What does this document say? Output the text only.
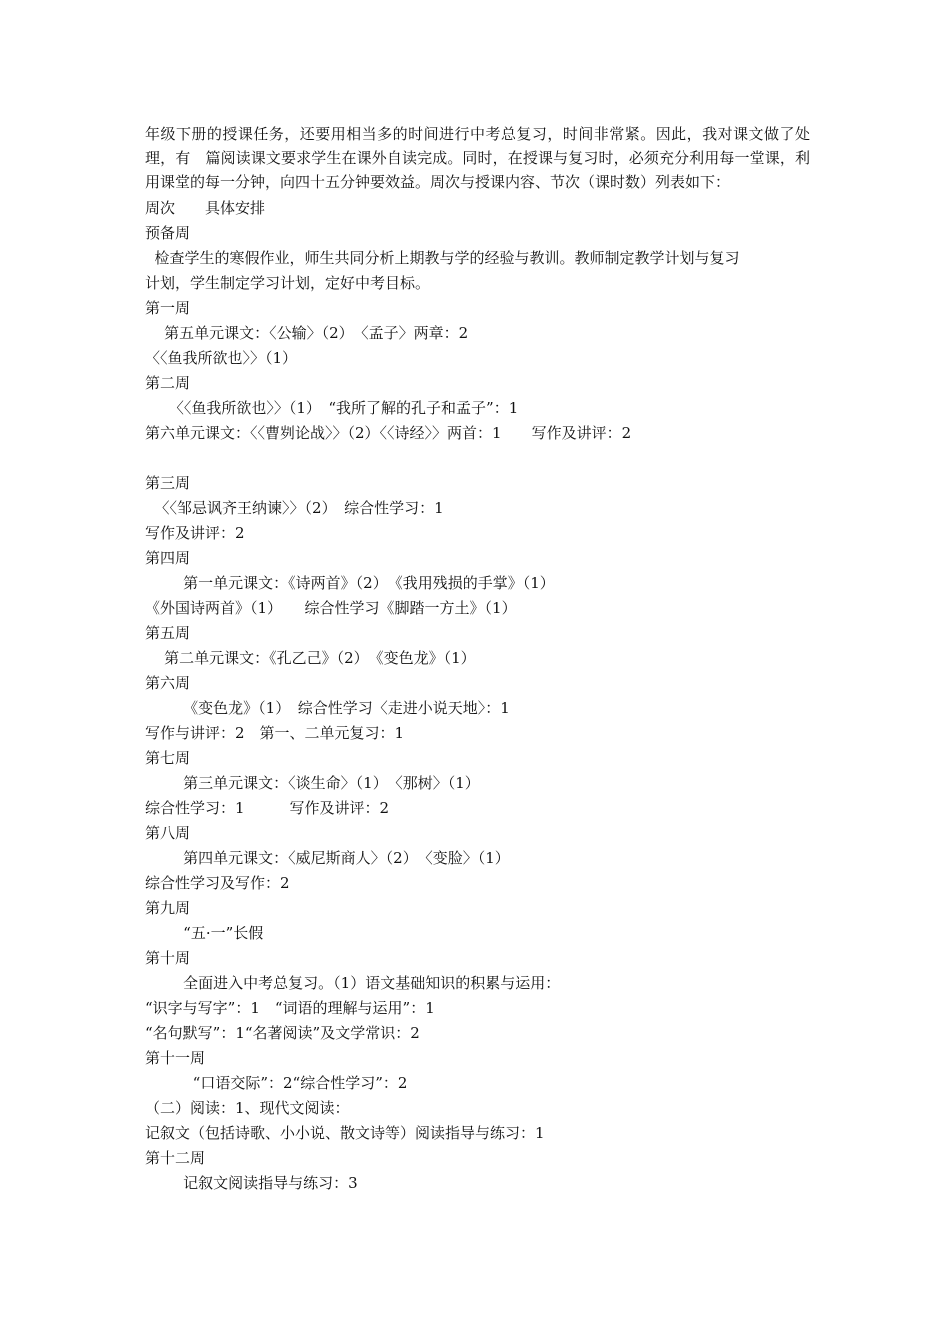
年级下册的授课任务，还要用相当多的时间进行中考总复习，时间非常紧。因此，我对课文做了处理，有　篇阅读课文要求学生在课外自读完成。同时，在授课与复习时，必须充分利用每一堂课，利用课堂的每一分钟，向四十五分钟要效益。周次与授课内容、节次（课时数）列表如下：

周次　　具体安排
预备周
检查学生的寒假作业，师生共同分析上期教与学的经验与教训。教师制定教学计划与复习
计划，学生制定学习计划，定好中考目标。
第一周
第五单元课文：〈公输〉（2）　〈孟子〉两章：2
〈〈鱼我所欲也〉〉（1）
第二周
〈〈鱼我所欲也〉〉（1）　“我所了解的孔子和孟子”：1
第六单元课文：〈〈曹刿论战〉〉（2）〈〈诗经〉〉两首：1　　写作及讲评：2
第三周
〈〈邹忌讽齐王纳谏〉〉（2）　综合性学习：1
写作及讲评：2
第四周
第一单元课文：《诗两首》（2）　《我用残损的手掌》（1）
《外国诗两首》（1）　　综合性学习《脚踏一方土》（1）
第五周
第二单元课文：《孔乙己》（2）　《变色龙》（1）
第六周
《变色龙》（1）　综合性学习〈走进小说天地〉：1
写作与讲评：2　第一、二单元复习：1
第七周
第三单元课文：〈谈生命〉（1）　〈那树〉（1）
综合性学习：1　　　写作及讲评：2
第八周
第四单元课文：〈威尼斯商人〉（2）　〈变脸〉（1）
综合性学习及写作：2
第九周
“五·一”长假
第十周
全面进入中考总复习。（1）语文基础知识的积累与运用：
“识字与写字”：1　“词语的理解与运用”：1
“名句默写”：1“名著阅读”及文学常识：2
第十一周
“口语交际”：2“综合性学习”：2
（二）阅读：1、现代文阅读：
记叙文（包括诗歌、小小说、散文诗等）阅读指导与练习：1
第十二周
记叙文阅读指导与练习：3
